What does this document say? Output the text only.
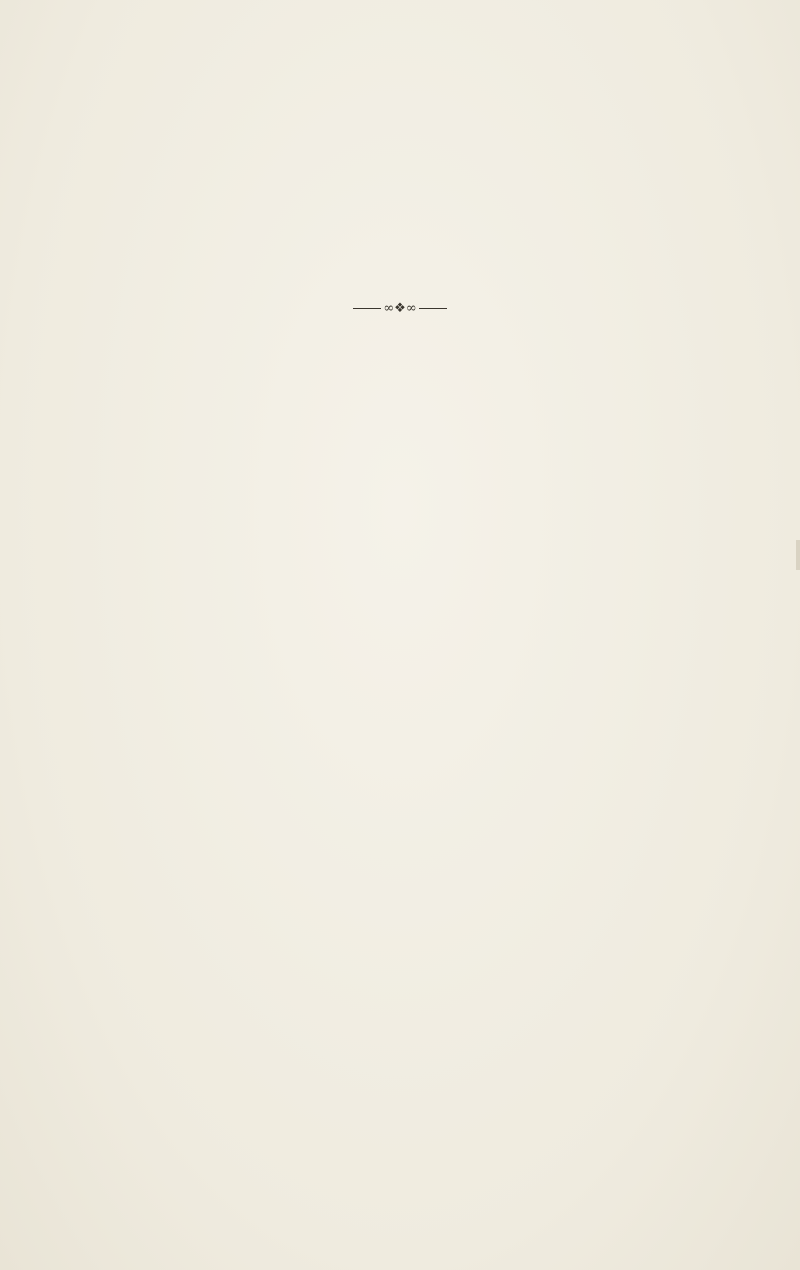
∞❖∞
